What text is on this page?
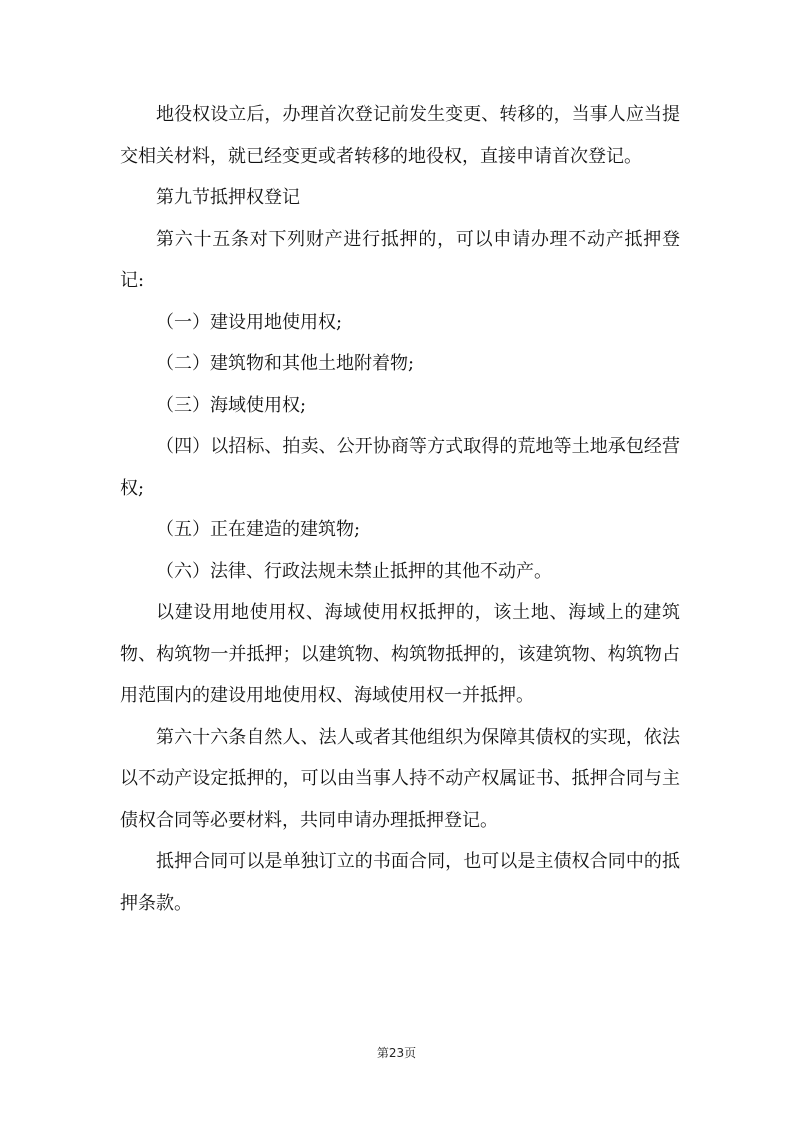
地役权设立后，办理首次登记前发生变更、转移的，当事人应当提交相关材料，就已经变更或者转移的地役权，直接申请首次登记。

第九节抵押权登记

第六十五条对下列财产进行抵押的，可以申请办理不动产抵押登记:

（一）建设用地使用权;

（二）建筑物和其他土地附着物;

（三）海域使用权;

（四）以招标、拍卖、公开协商等方式取得的荒地等土地承包经营权;

（五）正在建造的建筑物;

（六）法律、行政法规未禁止抵押的其他不动产。

以建设用地使用权、海域使用权抵押的，该土地、海域上的建筑物、构筑物一并抵押；以建筑物、构筑物抵押的，该建筑物、构筑物占用范围内的建设用地使用权、海域使用权一并抵押。

第六十六条自然人、法人或者其他组织为保障其债权的实现，依法以不动产设定抵押的，可以由当事人持不动产权属证书、抵押合同与主债权合同等必要材料，共同申请办理抵押登记。

抵押合同可以是单独订立的书面合同，也可以是主债权合同中的抵押条款。

第23页
